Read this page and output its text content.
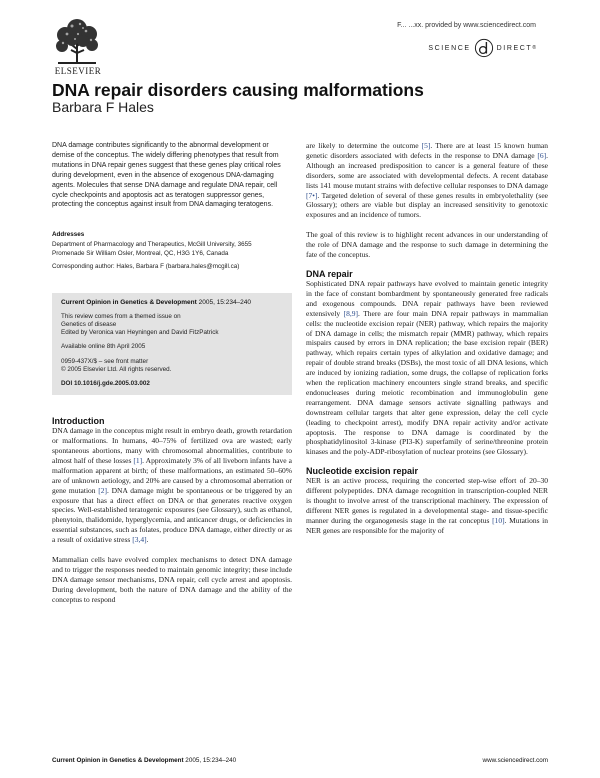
ELSEVIER
F... ...xx. provided by www.sciencedirect.com
SCIENCE	DIRECT ®
DNA repair disorders causing malformations
Barbara F Hales

DNA damage contributes significantly to the abnormal development or demise of the conceptus. The widely differing phenotypes that result from mutations in DNA repair genes suggest that these genes play critical roles during development, even in the absence of exogenous DNA-damaging agents. Molecules that sense DNA damage and regulate DNA repair, cell cycle checkpoints and apoptosis act as teratogen suppressor genes, protecting the conceptus against insult from DNA damaging teratogens.

Addresses

Department of Pharmacology and Therapeutics, McGill University, 3655

Promenade Sir William Osler, Montreal, QC, H3G 1Y6, Canada

Corresponding author: Hales, Barbara F (barbara.hales@mcgill.ca)

Current Opinion in Genetics & Development 2005, 15:234–240

This review comes from a themed issue on

Genetics of disease

Edited by Veronica van Heyningen and David FitzPatrick

Available online 8th April 2005

0959-437X/$ – see front matter

© 2005 Elsevier Ltd. All rights reserved.

DOI 10.1016/j.gde.2005.03.002

Introduction

DNA damage in the conceptus might result in embryo death, growth retardation or malformations. In humans, 40–75% of fertilized ova are wasted; early spontaneous abortions, many with chromosomal abnormalities, contribute to almost half of these losses [1]. Approximately 3% of all liveborn infants have a malformation apparent at birth; of these malformations, an estimated 50–60% are of unknown aetiology, and 20% are caused by a chromosomal aberration or gene mutation [2]. DNA damage might be spontaneous or be triggered by an exposure that has a direct effect on DNA or that generates reactive oxygen species. Well-established teratogenic exposures (see Glossary), such as ethanol, phenytoin, thalidomide, hyperglycemia, and anticancer drugs, or deficiencies in essential substances, such as folates, produce DNA damage, either directly or as a result of oxidative stress [3,4].

Mammalian cells have evolved complex mechanisms to detect DNA damage and to trigger the responses needed to maintain genomic integrity; these include DNA damage sensor mechanisms, DNA repair, cell cycle arrest and apoptosis. During development, both the nature of DNA damage and the ability of the conceptus to respond

are likely to determine the outcome [5]. There are at least 15 known human genetic disorders associated with defects in the response to DNA damage [6]. Although an increased predisposition to cancer is a general feature of these disorders, some are associated with developmental defects. A recent database lists 141 mouse mutant strains with defective cellular responses to DNA damage [7•]. Targeted deletion of several of these genes results in embryolethality (see Glossary); others are viable but display an increased sensitivity to genotoxic exposures and an incidence of tumors.

The goal of this review is to highlight recent advances in our understanding of the role of DNA damage and the response to such damage in determining the fate of the conceptus.

DNA repair

Sophisticated DNA repair pathways have evolved to maintain genetic integrity in the face of constant bombardment by spontaneously generated free radicals and exogenous compounds. DNA repair pathways have been reviewed extensively [8,9]. There are four main DNA repair pathways in mammalian cells: the nucleotide excision repair (NER) pathway, which repairs the majority of DNA damage in cells; the mismatch repair (MMR) pathway, which repairs mispairs caused by errors in DNA replication; the base excision repair (BER) pathway, which repairs certain types of alkylation and oxidative damage; and repair of double strand breaks (DSBs), the most toxic of all DNA lesions, which are induced by ionizing radiation, some drugs, the collapse of replication forks when the replication machinery encounters single strand breaks, and specific endonucleases during meiotic recombination and immunoglobulin gene rearrangement. DNA damage sensors activate signalling pathways and downstream cellular targets that alter gene expression, delay the cell cycle (leading to checkpoint arrest), modify DNA repair activity and/or activate apoptosis. The response to DNA damage is coordinated by the phosphatidylinositol 3-kinase (PI3-K) superfamily of serine/threonine protein kinases and the poly-ADP-ribosylation of nuclear proteins (see Glossary).

Nucleotide excision repair

NER is an active process, requiring the concerted step-wise effort of 20–30 different polypeptides. DNA damage recognition in transcription-coupled NER is thought to involve arrest of the transcriptional machinery. The expression of different NER genes is regulated in a developmental stage- and tissue-specific manner during the organogenesis stage in the rat conceptus [10]. Mutations in NER genes are responsible for the majority of

Current Opinion in Genetics & Development 2005, 15:234–240	www.sciencedirect.com
